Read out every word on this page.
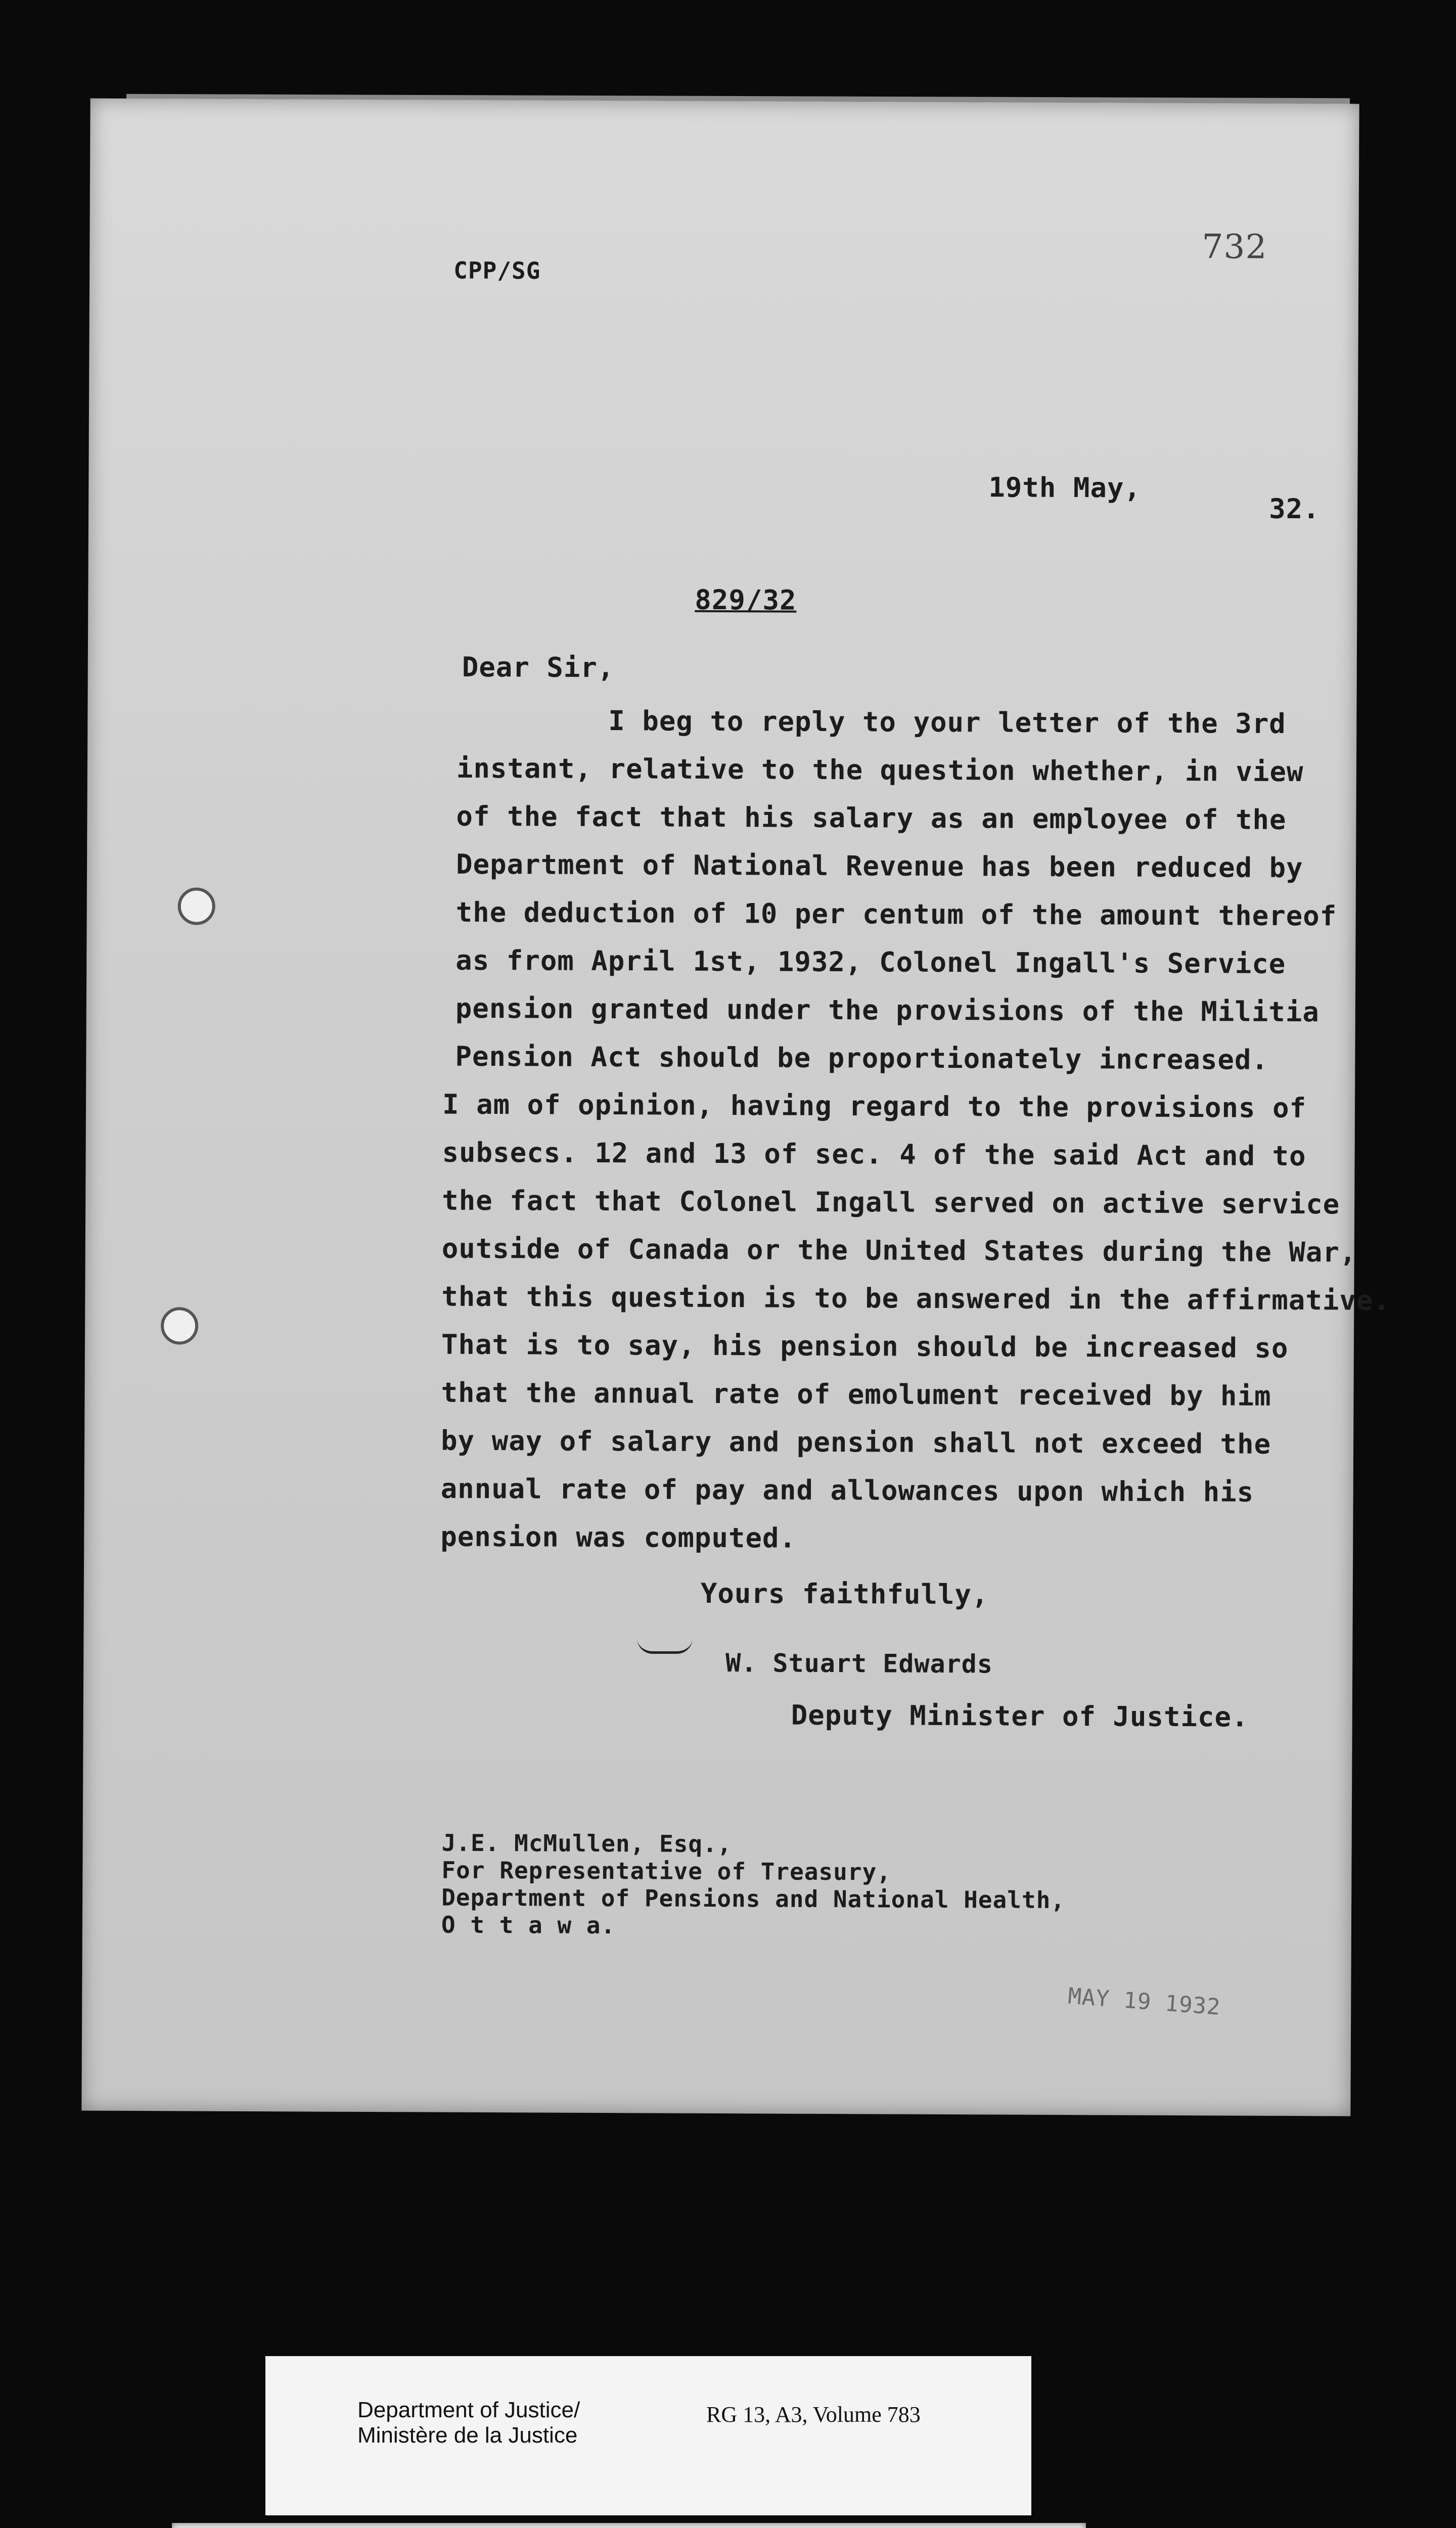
732
CPP/SG
19th May,
32.
829/32
Dear Sir,
I beg to reply to your letter of the 3rd
instant, relative to the question whether, in view
of the fact that his salary as an employee of the
Department of National Revenue has been reduced by
the deduction of 10 per centum of the amount thereof
as from April 1st, 1932, Colonel Ingall's Service
pension granted under the provisions of the Militia
Pension Act should be proportionately increased.
I am of opinion, having regard to the provisions of
subsecs. 12 and 13 of sec. 4 of the said Act and to
the fact that Colonel Ingall served on active service
outside of Canada or the United States during the War,
that this question is to be answered in the affirmative.
That is to say, his pension should be increased so
that the annual rate of emolument received by him
by way of salary and pension shall not exceed the
annual rate of pay and allowances upon which his
pension was computed.
Yours faithfully,
W. Stuart Edwards
Deputy Minister of Justice.
J.E. McMullen, Esq.,
For Representative of Treasury,
Department of Pensions and National Health,
O t t a w a.
MAY 19 1932
Department of Justice/
Ministère de la Justice
RG 13, A3, Volume 783
